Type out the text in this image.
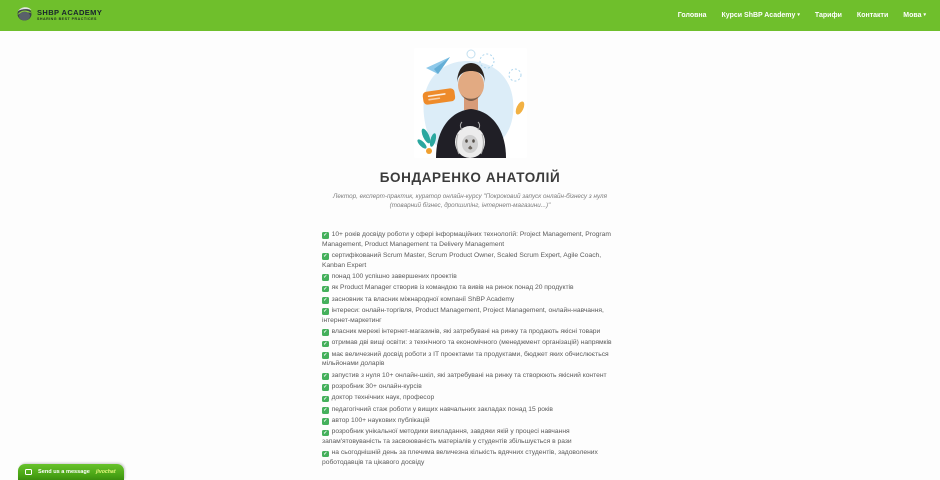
SHBP ACADEMY
SHARING BEST PRACTICES
Головна Курси ShBP Academy ▾ Тарифи Контакти Мова ▾
БОНДАРЕНКО АНАТОЛІЙ
Лектор, експерт-практик, куратор онлайн-курсу "Покроковий запуск онлайн-бізнесу з нуля (товарний бізнес, дропшипінг, інтернет-магазини...)"
✓ 10+ років досвіду роботи у сфері інформаційних технологій: Project Management, Program Management, Product Management та Delivery Management
✓ сертифікований Scrum Master, Scrum Product Owner, Scaled Scrum Expert, Agile Coach, Kanban Expert
✓ понад 100 успішно завершених проектів
✓ як Product Manager створив із командою та вивів на ринок понад 20 продуктів
✓ засновник та власник міжнародної компанії ShBP Academy
✓ інтереси: онлайн-торгівля, Product Management, Project Management, онлайн-навчання, інтернет-маркетинг
✓ власник мережі інтернет-магазинів, які затребувані на ринку та продають якісні товари
✓ отримав дві вищі освіти: з технічного та економічного (менеджмент організацій) напрямків
✓ має величезний досвід роботи з IT проектами та продуктами, бюджет яких обчислюється мільйонами доларів
✓ запустив з нуля 10+ онлайн-шкіл, які затребувані на ринку та створюють якісний контент
✓ розробник 30+ онлайн-курсів
✓ доктор технічних наук, професор
✓ педагогічний стаж роботи у вищих навчальних закладах понад 15 років
✓ автор 100+ наукових публікацій
✓ розробник унікальної методики викладання, завдяки якій у процесі навчання запам'ятовуваність та засвоюваність матеріалів у студентів збільшується в рази
✓ на сьогоднішній день за плечима величезна кількість вдячних студентів, задоволених роботодавців та цікавого досвіду
Send us a message jivochat
